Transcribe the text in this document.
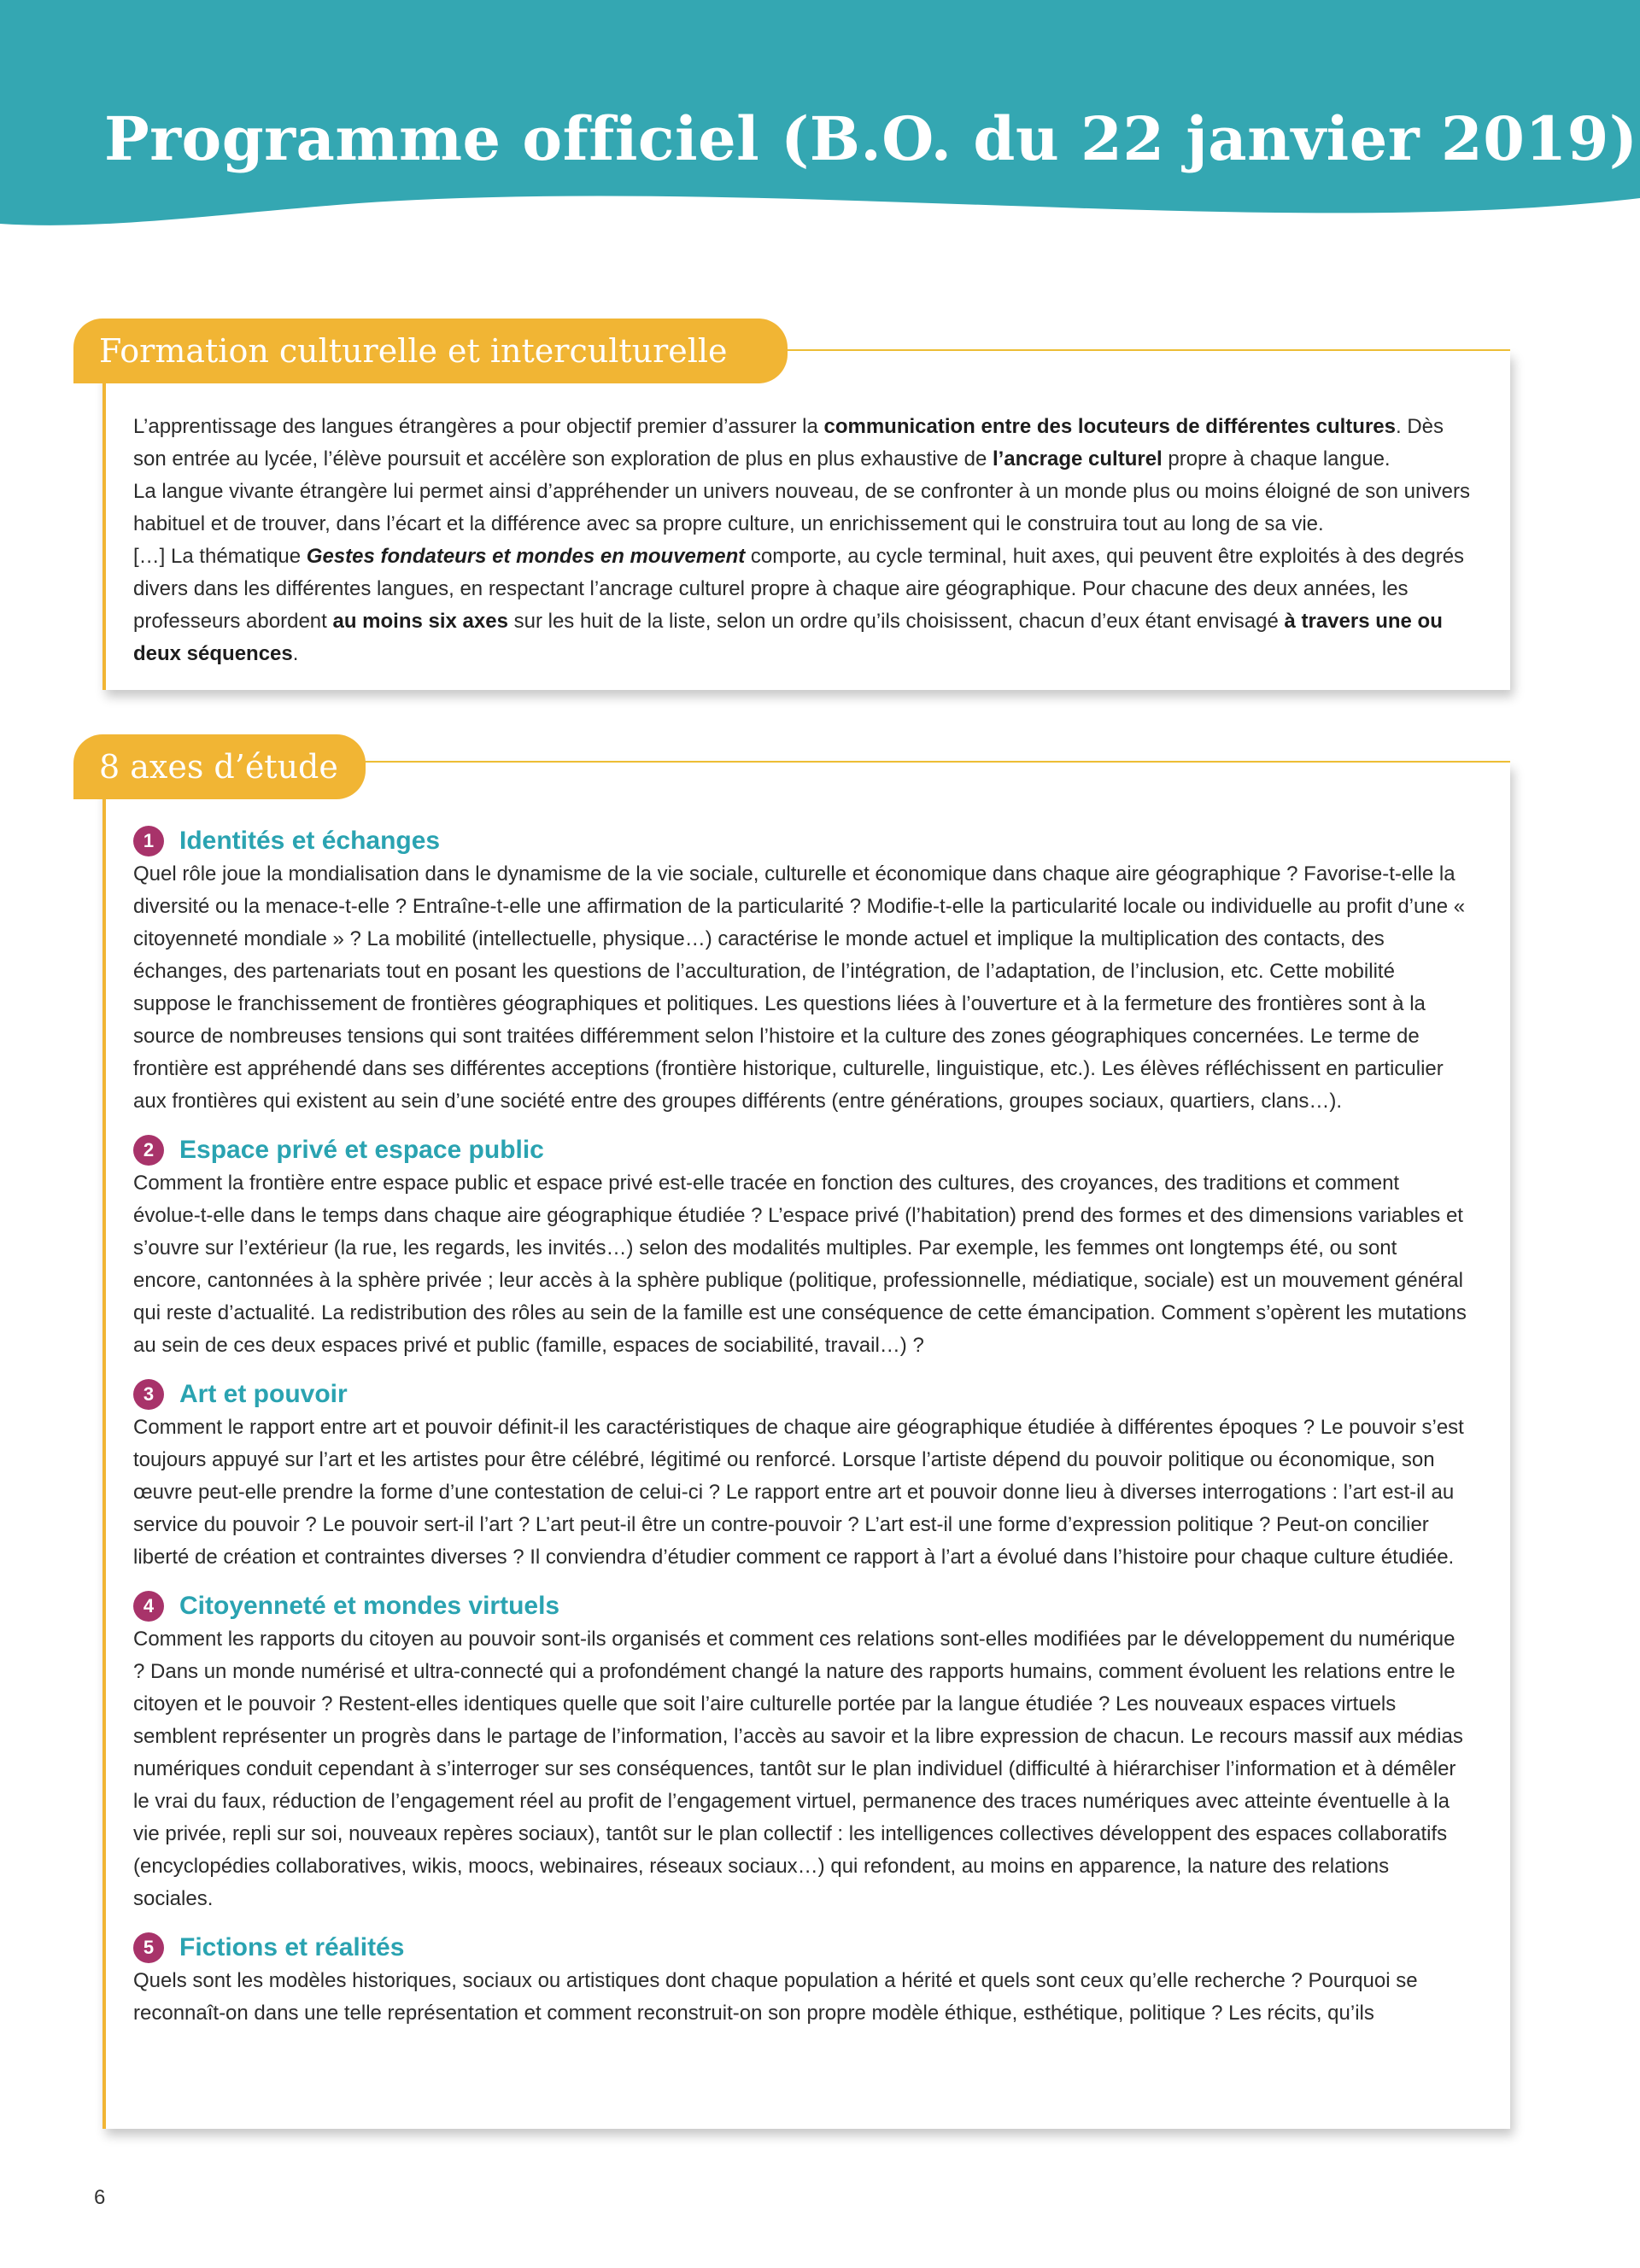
Programme officiel (B.O. du 22 janvier 2019)

L’apprentissage des langues étrangères a pour objectif premier d’assurer la communication entre des locuteurs de différentes cultures. Dès son entrée au lycée, l’élève poursuit et accélère son exploration de plus en plus exhaustive de l’ancrage culturel propre à chaque langue.
La langue vivante étrangère lui permet ainsi d’appréhender un univers nouveau, de se confronter à un monde plus ou moins éloigné de son univers habituel et de trouver, dans l’écart et la différence avec sa propre culture, un enrichissement qui le construira tout au long de sa vie.
[…] La thématique Gestes fondateurs et mondes en mouvement comporte, au cycle terminal, huit axes, qui peuvent être exploités à des degrés divers dans les différentes langues, en respectant l’ancrage culturel propre à chaque aire géographique. Pour chacune des deux années, les professeurs abordent au moins six axes sur les huit de la liste, selon un ordre qu’ils choisissent, chacun d’eux étant envisagé à travers une ou deux séquences.

Formation culturelle et interculturelle
1 Identités et échanges

Quel rôle joue la mondialisation dans le dynamisme de la vie sociale, culturelle et économique dans chaque aire géographique ? Favorise-t-elle la diversité ou la menace-t-elle ? Entraîne-t-elle une affirmation de la particularité ? Modifie-t-elle la particularité locale ou individuelle au profit d’une « citoyenneté mondiale » ? La mobilité (intellectuelle, physique…) caractérise le monde actuel et implique la multiplication des contacts, des échanges, des partenariats tout en posant les questions de l’acculturation, de l’intégration, de l’adaptation, de l’inclusion, etc. Cette mobilité suppose le franchissement de frontières géographiques et politiques. Les questions liées à l’ouverture et à la fermeture des frontières sont à la source de nombreuses tensions qui sont traitées différemment selon l’histoire et la culture des zones géographiques concernées. Le terme de frontière est appréhendé dans ses différentes acceptions (frontière historique, culturelle, linguistique, etc.). Les élèves réfléchissent en particulier aux frontières qui existent au sein d’une société entre des groupes différents (entre générations, groupes sociaux, quartiers, clans…).

2 Espace privé et espace public

Comment la frontière entre espace public et espace privé est-elle tracée en fonction des cultures, des croyances, des traditions et comment évolue-t-elle dans le temps dans chaque aire géographique étudiée ? L’espace privé (l’habitation) prend des formes et des dimensions variables et s’ouvre sur l’extérieur (la rue, les regards, les invités…) selon des modalités multiples. Par exemple, les femmes ont longtemps été, ou sont encore, cantonnées à la sphère privée ; leur accès à la sphère publique (politique, professionnelle, médiatique, sociale) est un mouvement général qui reste d’actualité. La redistribution des rôles au sein de la famille est une conséquence de cette émancipation. Comment s’opèrent les mutations au sein de ces deux espaces privé et public (famille, espaces de sociabilité, travail…) ?

3 Art et pouvoir

Comment le rapport entre art et pouvoir définit-il les caractéristiques de chaque aire géographique étudiée à différentes époques ? Le pouvoir s’est toujours appuyé sur l’art et les artistes pour être célébré, légitimé ou renforcé. Lorsque l’artiste dépend du pouvoir politique ou économique, son œuvre peut-elle prendre la forme d’une contestation de celui-ci ? Le rapport entre art et pouvoir donne lieu à diverses interrogations : l’art est-il au service du pouvoir ? Le pouvoir sert-il l’art ? L’art peut-il être un contre-pouvoir ? L’art est-il une forme d’expression politique ? Peut-on concilier liberté de création et contraintes diverses ? Il conviendra d’étudier comment ce rapport à l’art a évolué dans l’histoire pour chaque culture étudiée.

4 Citoyenneté et mondes virtuels

Comment les rapports du citoyen au pouvoir sont-ils organisés et comment ces relations sont-elles modifiées par le développement du numérique ? Dans un monde numérisé et ultra-connecté qui a profondément changé la nature des rapports humains, comment évoluent les relations entre le citoyen et le pouvoir ? Restent-elles identiques quelle que soit l’aire culturelle portée par la langue étudiée ? Les nouveaux espaces virtuels semblent représenter un progrès dans le partage de l’information, l’accès au savoir et la libre expression de chacun. Le recours massif aux médias numériques conduit cependant à s’interroger sur ses conséquences, tantôt sur le plan individuel (difficulté à hiérarchiser l’information et à démêler le vrai du faux, réduction de l’engagement réel au profit de l’engagement virtuel, permanence des traces numériques avec atteinte éventuelle à la vie privée, repli sur soi, nouveaux repères sociaux), tantôt sur le plan collectif : les intelligences collectives développent des espaces collaboratifs (encyclopédies collaboratives, wikis, moocs, webinaires, réseaux sociaux…) qui refondent, au moins en apparence, la nature des relations sociales.

5 Fictions et réalités

Quels sont les modèles historiques, sociaux ou artistiques dont chaque population a hérité et quels sont ceux qu’elle recherche ? Pourquoi se reconnaît-on dans une telle représentation et comment reconstruit-on son propre modèle éthique, esthétique, politique ? Les récits, qu’ils

8 axes d’étude
6
